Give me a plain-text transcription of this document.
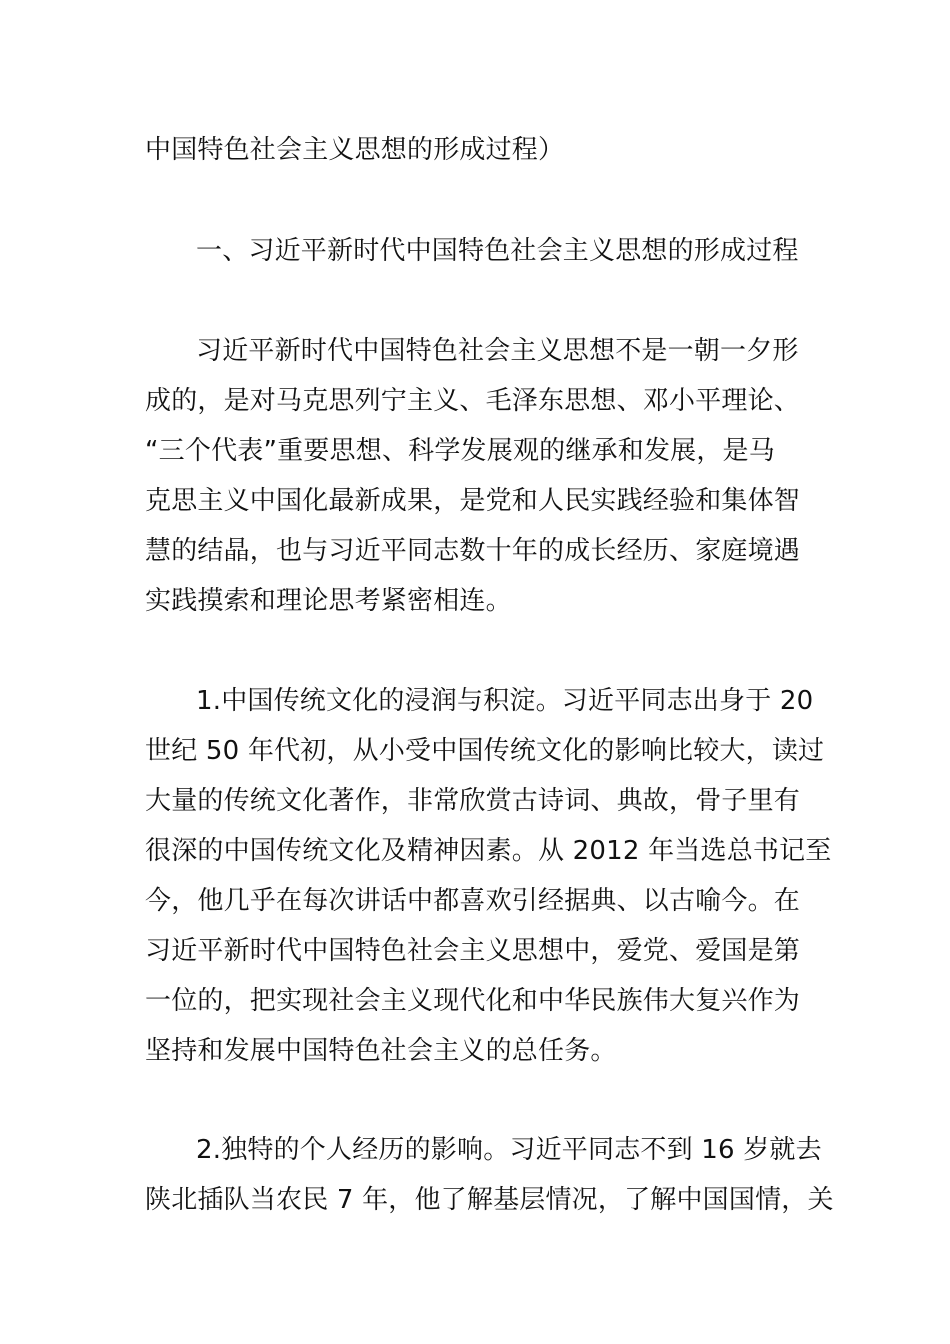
中国特色社会主义思想的形成过程）
一、习近平新时代中国特色社会主义思想的形成过程
习近平新时代中国特色社会主义思想不是一朝一夕形
成的，是对马克思列宁主义、毛泽东思想、邓小平理论、
“三个代表”重要思想、科学发展观的继承和发展，是马
克思主义中国化最新成果，是党和人民实践经验和集体智
慧的结晶，也与习近平同志数十年的成长经历、家庭境遇
实践摸索和理论思考紧密相连。
1.中国传统文化的浸润与积淀。习近平同志出身于 20
世纪 50 年代初，从小受中国传统文化的影响比较大，读过
大量的传统文化著作，非常欣赏古诗词、典故，骨子里有
很深的中国传统文化及精神因素。从 2012 年当选总书记至
今，他几乎在每次讲话中都喜欢引经据典、以古喻今。在
习近平新时代中国特色社会主义思想中，爱党、爱国是第
一位的，把实现社会主义现代化和中华民族伟大复兴作为
坚持和发展中国特色社会主义的总任务。
2.独特的个人经历的影响。习近平同志不到 16 岁就去
陕北插队当农民 7 年，他了解基层情况，了解中国国情，关
